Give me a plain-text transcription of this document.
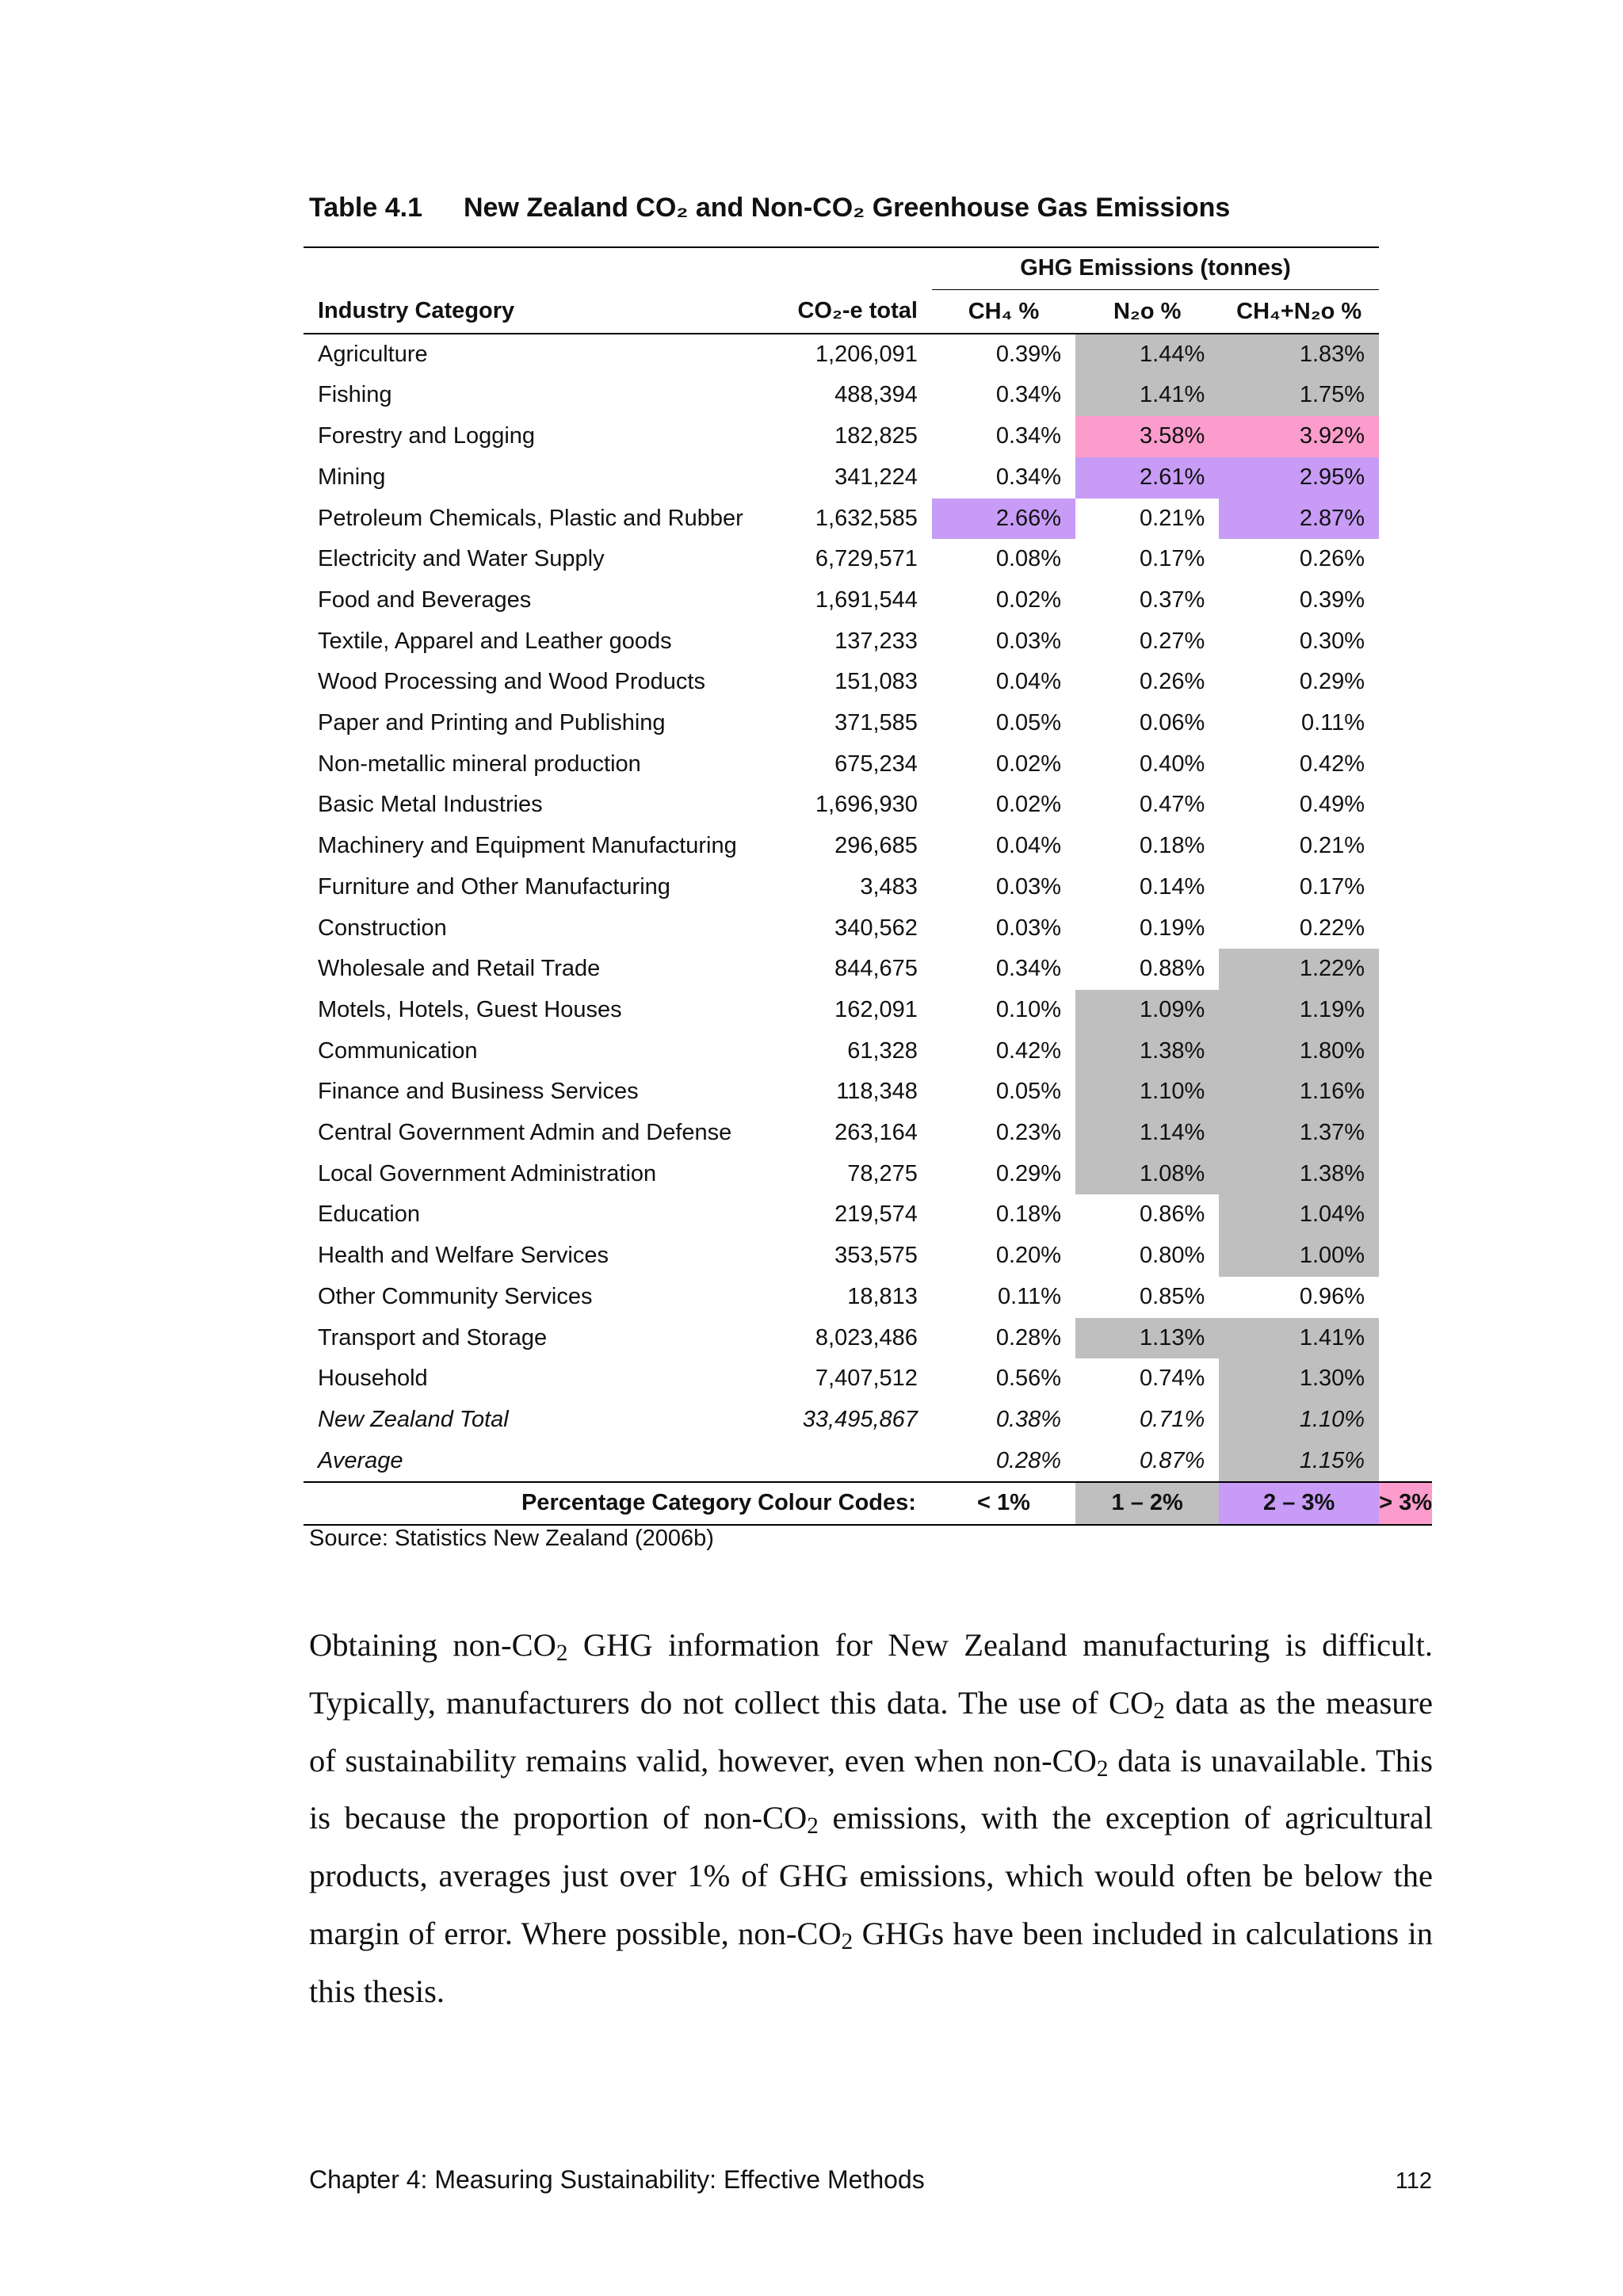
Table 4.1 New Zealand CO₂ and Non-CO₂ Greenhouse Gas Emissions
		GHG Emissions (tonnes)			
Industry Category	CO₂-e total	CH₄ %	N₂o %	CH₄+N₂o %	
Agriculture	1,206,091	0.39%	1.44%	1.83%	
Fishing	488,394	0.34%	1.41%	1.75%	
Forestry and Logging	182,825	0.34%	3.58%	3.92%	
Mining	341,224	0.34%	2.61%	2.95%	
Petroleum Chemicals, Plastic and Rubber	1,632,585	2.66%	0.21%	2.87%	
Electricity and Water Supply	6,729,571	0.08%	0.17%	0.26%	
Food and Beverages	1,691,544	0.02%	0.37%	0.39%	
Textile, Apparel and Leather goods	137,233	0.03%	0.27%	0.30%	
Wood Processing and Wood Products	151,083	0.04%	0.26%	0.29%	
Paper and Printing and Publishing	371,585	0.05%	0.06%	0.11%	
Non-metallic mineral production	675,234	0.02%	0.40%	0.42%	
Basic Metal Industries	1,696,930	0.02%	0.47%	0.49%	
Machinery and Equipment Manufacturing	296,685	0.04%	0.18%	0.21%	
Furniture and Other Manufacturing	3,483	0.03%	0.14%	0.17%	
Construction	340,562	0.03%	0.19%	0.22%	
Wholesale and Retail Trade	844,675	0.34%	0.88%	1.22%	
Motels, Hotels, Guest Houses	162,091	0.10%	1.09%	1.19%	
Communication	61,328	0.42%	1.38%	1.80%	
Finance and Business Services	118,348	0.05%	1.10%	1.16%	
Central Government Admin and Defense	263,164	0.23%	1.14%	1.37%	
Local Government Administration	78,275	0.29%	1.08%	1.38%	
Education	219,574	0.18%	0.86%	1.04%	
Health and Welfare Services	353,575	0.20%	0.80%	1.00%	
Other Community Services	18,813	0.11%	0.85%	0.96%	
Transport and Storage	8,023,486	0.28%	1.13%	1.41%	
Household	7,407,512	0.56%	0.74%	1.30%	
New Zealand Total	33,495,867	0.38%	0.71%	1.10%	
Average		0.28%	0.87%	1.15%	
Percentage Category Colour Codes:		< 1%	1 – 2%	2 – 3%	> 3%
Source: Statistics New Zealand (2006b)

Obtaining non-$CO_2$ GHG information for New Zealand manufacturing is difficult. Typically, manufacturers do not collect this data. The use of $CO_2$ data as the measure of sustainability remains valid, however, even when non-$CO_2$ data is unavailable. This is because the proportion of non-$CO_2$ emissions, with the exception of agricultural products, averages just over 1% of GHG emissions, which would often be below the margin of error. Where possible, non-$CO_2$ GHGs have been included in calculations in this thesis.

Chapter 4: Measuring Sustainability: Effective Methods	112
